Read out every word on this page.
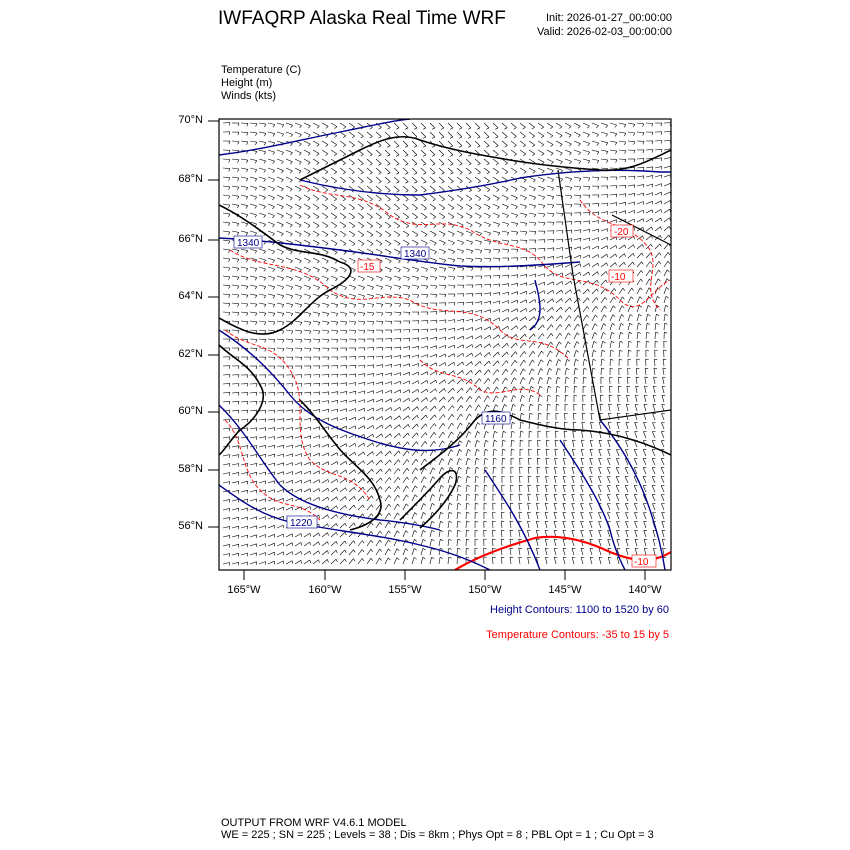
1340
1340
1220
1160
-20
-10
-15
-10
IWFAQRP Alaska Real Time WRF	Init: 2026-01-27_00:00:00
Valid: 2026-02-03_00:00:00
Temperature (C)
Height (m)
Winds (kts)
70°N
68°N
66°N
64°N
62°N
60°N
58°N
56°N
165°W	160°W	155°W	150°W	145°W	140°W
Height Contours: 1100 to 1520 by 60
Temperature Contours: -35 to 15 by 5
OUTPUT FROM WRF V4.6.1 MODEL
WE = 225 ; SN = 225 ; Levels = 38 ; Dis = 8km ; Phys Opt = 8 ; PBL Opt = 1 ; Cu Opt = 3
